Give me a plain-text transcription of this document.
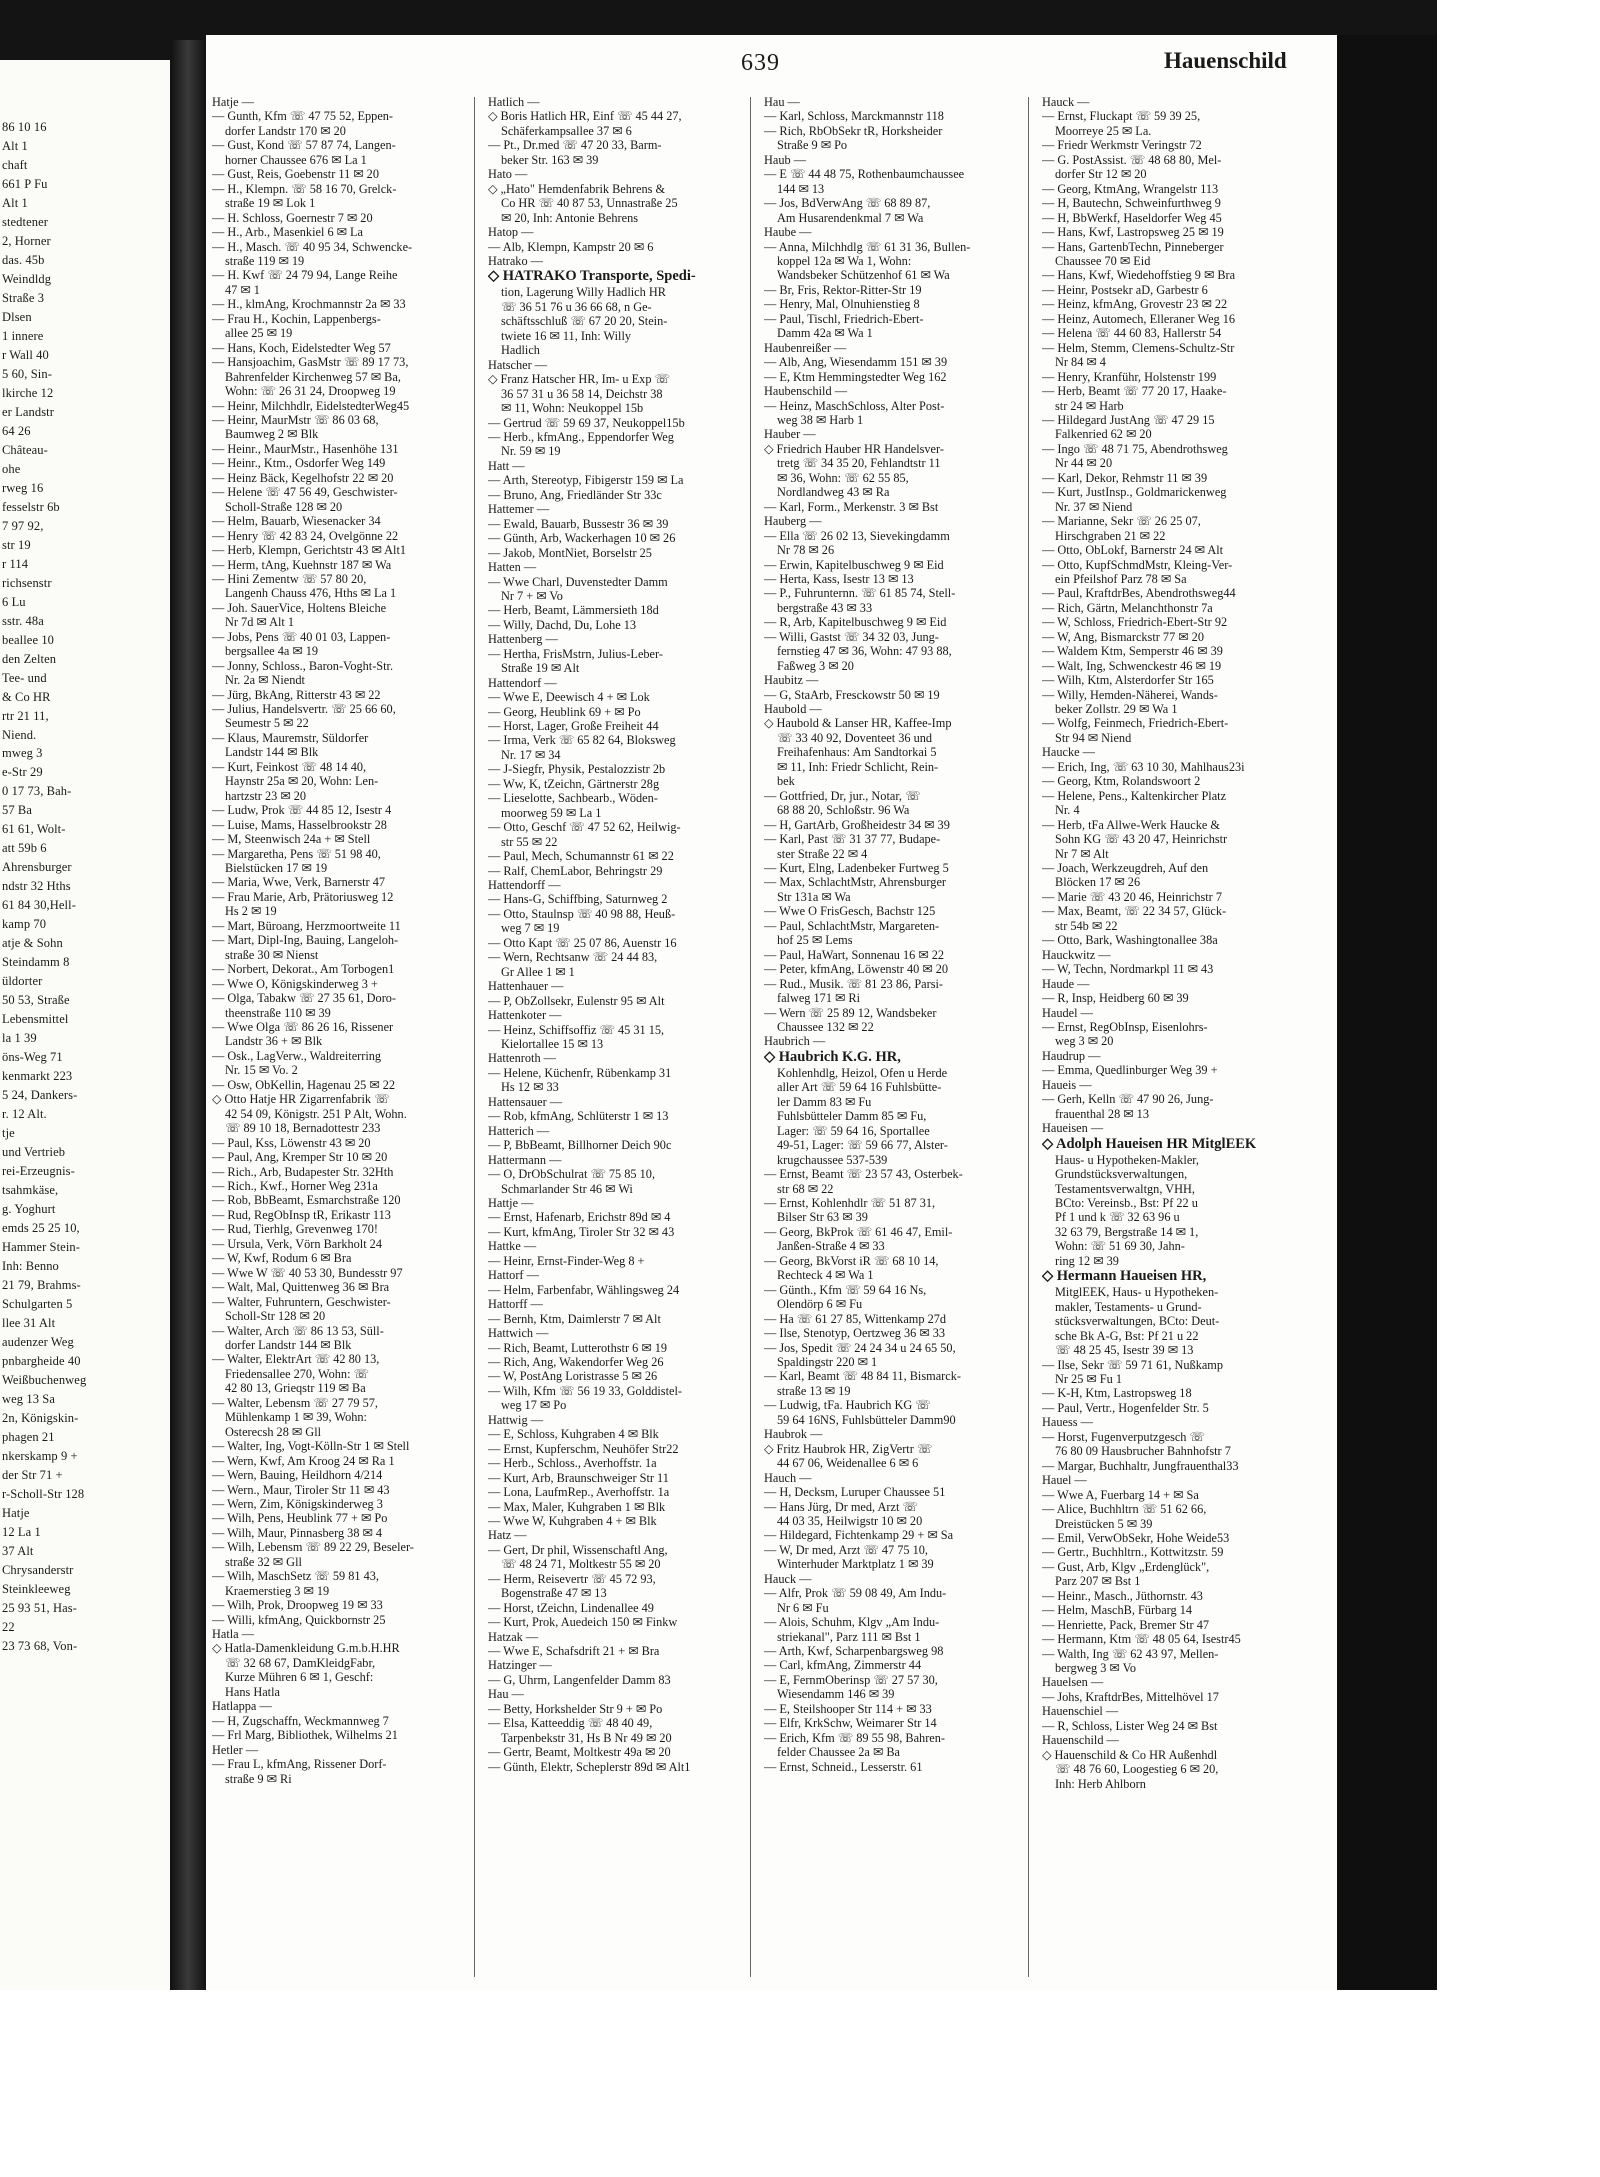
86 10 16
Alt 1
chaft
661 P Fu
Alt 1
stedtener
2, Horner
das. 45b
Weindldg
Straße 3
Dlsen
1 innere
r Wall 40
5 60, Sin-
lkirche 12
er Landstr
64 26
Château-
ohe
rweg 16
fesselstr 6b
7 97 92,
str 19
r 114
richsenstr
6 Lu
sstr. 48a
beallee 10
den Zelten
Tee- und
& Co HR
rtr 21 11,
Niend.
mweg 3
e-Str 29
0 17 73, Bah-
57 Ba
61 61, Wolt-
att 59b 6
Ahrensburger
ndstr 32 Hths
61 84 30,Hell-
kamp 70
atje & Sohn
Steindamm 8
üldorter
50 53, Straße
Lebensmittel
la 1 39
öns-Weg 71
kenmarkt 223
5 24, Dankers-
r. 12 Alt.
tje
und Vertrieb
rei-Erzeugnis-
tsahmkäse,
g. Yoghurt
emds 25 25 10,
Hammer Stein-
Inh: Benno
21 79, Brahms-
Schulgarten 5
llee 31 Alt
audenzer Weg
pnbargheide 40
Weißbuchenweg
weg 13 Sa
2n, Königskin-
phagen 21
nkerskamp 9 +
der Str 71 +
r-Scholl-Str 128
Hatje
12 La 1
37 Alt
Chrysanderstr
Steinkleeweg
25 93 51, Has-
22
23 73 68, Von-
639	Hauenschild
Hatje —
— Gunth, Kfm ☏ 47 75 52, Eppen-
dorfer Landstr 170 ✉ 20
— Gust, Kond ☏ 57 87 74, Langen-
horner Chaussee 676 ✉ La 1
— Gust, Reis, Goebenstr 11 ✉ 20
— H., Klempn. ☏ 58 16 70, Grelck-
straße 19 ✉ Lok 1
— H. Schloss, Goernestr 7 ✉ 20
— H., Arb., Masenkiel 6 ✉ La
— H., Masch. ☏ 40 95 34, Schwencke-
straße 119 ✉ 19
— H. Kwf ☏ 24 79 94, Lange Reihe
47 ✉ 1
— H., klmAng, Krochmannstr 2a ✉ 33
— Frau H., Kochin, Lappenbergs-
allee 25 ✉ 19
— Hans, Koch, Eidelstedter Weg 57
— Hansjoachim, GasMstr ☏ 89 17 73,
Bahrenfelder Kirchenweg 57 ✉ Ba,
Wohn: ☏ 26 31 24, Droopweg 19
— Heinr, Milchhdlr, EidelstedterWeg45
— Heinr, MaurMstr ☏ 86 03 68,
Baumweg 2 ✉ Blk
— Heinr., MaurMstr., Hasenhöhe 131
— Heinr., Ktm., Osdorfer Weg 149
— Heinz Bäck, Kegelhofstr 22 ✉ 20
— Helene ☏ 47 56 49, Geschwister-
Scholl-Straße 128 ✉ 20
— Helm, Bauarb, Wiesenacker 34
— Henry ☏ 42 83 24, Ovelgönne 22
— Herb, Klempn, Gerichtstr 43 ✉ Alt1
— Herm, tAng, Kuehnstr 187 ✉ Wa
— Hini Zementw ☏ 57 80 20,
Langenh Chauss 476, Hths ✉ La 1
— Joh. SauerVice, Holtens Bleiche
Nr 7d ✉ Alt 1
— Jobs, Pens ☏ 40 01 03, Lappen-
bergsallee 4a ✉ 19
— Jonny, Schloss., Baron-Voght-Str.
Nr. 2a ✉ Niendt
— Jürg, BkAng, Ritterstr 43 ✉ 22
— Julius, Handelsvertr. ☏ 25 66 60,
Seumestr 5 ✉ 22
— Klaus, Mauremstr, Süldorfer
Landstr 144 ✉ Blk
— Kurt, Feinkost ☏ 48 14 40,
Haynstr 25a ✉ 20, Wohn: Len-
hartzstr 23 ✉ 20
— Ludw, Prok ☏ 44 85 12, Isestr 4
— Luise, Mams, Hasselbrookstr 28
— M, Steenwisch 24a + ✉ Stell
— Margaretha, Pens ☏ 51 98 40,
Bielstücken 17 ✉ 19
— Maria, Wwe, Verk, Barnerstr 47
— Frau Marie, Arb, Prätoriusweg 12
Hs 2 ✉ 19
— Mart, Büroang, Herzmoortweite 11
— Mart, Dipl-Ing, Bauing, Langeloh-
straße 30 ✉ Nienst
— Norbert, Dekorat., Am Torbogen1
— Wwe O, Königskinderweg 3 +
— Olga, Tabakw ☏ 27 35 61, Doro-
theenstraße 110 ✉ 39
— Wwe Olga ☏ 86 26 16, Rissener
Landstr 36 + ✉ Blk
— Osk., LagVerw., Waldreiterring
Nr. 15 ✉ Vo. 2
— Osw, ObKellin, Hagenau 25 ✉ 22
◇ Otto Hatje HR Zigarrenfabrik ☏
42 54 09, Königstr. 251 P Alt, Wohn.
☏ 89 10 18, Bernadottestr 233
— Paul, Kss, Löwenstr 43 ✉ 20
— Paul, Ang, Kremper Str 10 ✉ 20
— Rich., Arb, Budapester Str. 32Hth
— Rich., Kwf., Horner Weg 231a
— Rob, BbBeamt, Esmarchstraße 120
— Rud, RegObInsp tR, Erikastr 113
— Rud, Tierhlg, Grevenweg 170!
— Ursula, Verk, Vörn Barkholt 24
— W, Kwf, Rodum 6 ✉ Bra
— Wwe W ☏ 40 53 30, Bundesstr 97
— Walt, Mal, Quittenweg 36 ✉ Bra
— Walter, Fuhruntern, Geschwister-
Scholl-Str 128 ✉ 20
— Walter, Arch ☏ 86 13 53, Süll-
dorfer Landstr 144 ✉ Blk
— Walter, ElektrArt ☏ 42 80 13,
Friedensallee 270, Wohn: ☏
42 80 13, Grieqstr 119 ✉ Ba
— Walter, Lebensm ☏ 27 79 57,
Mühlenkamp 1 ✉ 39, Wohn:
Osterecsh 28 ✉ Gll
— Walter, Ing, Vogt-Kölln-Str 1 ✉ Stell
— Wern, Kwf, Am Kroog 24 ✉ Ra 1
— Wern, Bauing, Heildhorn 4/214
— Wern., Maur, Tiroler Str 11 ✉ 43
— Wern, Zim, Königskinderweg 3
— Wilh, Pens, Heublink 77 + ✉ Po
— Wilh, Maur, Pinnasberg 38 ✉ 4
— Wilh, Lebensm ☏ 89 22 29, Beseler-
straße 32 ✉ Gll
— Wilh, MaschSetz ☏ 59 81 43,
Kraemerstieg 3 ✉ 19
— Wilh, Prok, Droopweg 19 ✉ 33
— Willi, kfmAng, Quickbornstr 25
Hatla —
◇ Hatla-Damenkleidung G.m.b.H.HR
☏ 32 68 67, DamKleidgFabr,
Kurze Mühren 6 ✉ 1, Geschf:
Hans Hatla
Hatlappa —
— H, Zugschaffn, Weckmannweg 7
— Frl Marg, Bibliothek, Wilhelms 21
Hetler —
— Frau L, kfmAng, Rissener Dorf-
straße 9 ✉ Ri
Hatlich —
◇ Boris Hatlich HR, Einf ☏ 45 44 27,
Schäferkampsallee 37 ✉ 6
— Pt., Dr.med ☏ 47 20 33, Barm-
beker Str. 163 ✉ 39
Hato —
◇ „Hato" Hemdenfabrik Behrens &
Co HR ☏ 40 87 53, Unnastraße 25
✉ 20, Inh: Antonie Behrens
Hatop —
— Alb, Klempn, Kampstr 20 ✉ 6
Hatrako —
◇ HATRAKO Transporte, Spedi-
tion, Lagerung Willy Hadlich HR
☏ 36 51 76 u 36 66 68, n Ge-
schäftsschluß ☏ 67 20 20, Stein-
twiete 16 ✉ 11, Inh: Willy
Hadlich
Hatscher —
◇ Franz Hatscher HR, Im- u Exp ☏
36 57 31 u 36 58 14, Deichstr 38
✉ 11, Wohn: Neukoppel 15b
— Gertrud ☏ 59 69 37, Neukoppel15b
— Herb., kfmAng., Eppendorfer Weg
Nr. 59 ✉ 19
Hatt —
— Arth, Stereotyp, Fibigerstr 159 ✉ La
— Bruno, Ang, Friedländer Str 33c
Hattemer —
— Ewald, Bauarb, Bussestr 36 ✉ 39
— Günth, Arb, Wackerhagen 10 ✉ 26
— Jakob, MontNiet, Borselstr 25
Hatten —
— Wwe Charl, Duvenstedter Damm
Nr 7 + ✉ Vo
— Herb, Beamt, Lämmersieth 18d
— Willy, Dachd, Du, Lohe 13
Hattenberg —
— Hertha, FrisMstrn, Julius-Leber-
Straße 19 ✉ Alt
Hattendorf —
— Wwe E, Deewisch 4 + ✉ Lok
— Georg, Heublink 69 + ✉ Po
— Horst, Lager, Große Freiheit 44
— Irma, Verk ☏ 65 82 64, Bloksweg
Nr. 17 ✉ 34
— J-Siegfr, Physik, Pestalozzistr 2b
— Ww, K, tZeichn, Gärtnerstr 28g
— Lieselotte, Sachbearb., Wöden-
moorweg 59 ✉ La 1
— Otto, Geschf ☏ 47 52 62, Heilwig-
str 55 ✉ 22
— Paul, Mech, Schumannstr 61 ✉ 22
— Ralf, ChemLabor, Behringstr 29
Hattendorff —
— Hans-G, Schiffbing, Saturnweg 2
— Otto, Staulnsp ☏ 40 98 88, Heuß-
weg 7 ✉ 19
— Otto Kapt ☏ 25 07 86, Auenstr 16
— Wern, Rechtsanw ☏ 24 44 83,
Gr Allee 1 ✉ 1
Hattenhauer —
— P, ObZollsekr, Eulenstr 95 ✉ Alt
Hattenkoter —
— Heinz, Schiffsoffiz ☏ 45 31 15,
Kielortallee 15 ✉ 13
Hattenroth —
— Helene, Küchenfr, Rübenkamp 31
Hs 12 ✉ 33
Hattensauer —
— Rob, kfmAng, Schlüterstr 1 ✉ 13
Hatterich —
— P, BbBeamt, Billhorner Deich 90c
Hattermann —
— O, DrObSchulrat ☏ 75 85 10,
Schmarlander Str 46 ✉ Wi
Hattje —
— Ernst, Hafenarb, Erichstr 89d ✉ 4
— Kurt, kfmAng, Tiroler Str 32 ✉ 43
Hattke —
— Heinr, Ernst-Finder-Weg 8 +
Hattorf —
— Helm, Farbenfabr, Wählingsweg 24
Hattorff —
— Bernh, Ktm, Daimlerstr 7 ✉ Alt
Hattwich —
— Rich, Beamt, Lutterothstr 6 ✉ 19
— Rich, Ang, Wakendorfer Weg 26
— W, PostAng Loristrasse 5 ✉ 26
— Wilh, Kfm ☏ 56 19 33, Golddistel-
weg 17 ✉ Po
Hattwig —
— E, Schloss, Kuhgraben 4 ✉ Blk
— Ernst, Kupferschm, Neuhöfer Str22
— Herb., Schloss., Averhoffstr. 1a
— Kurt, Arb, Braunschweiger Str 11
— Lona, LaufmRep., Averhoffstr. 1a
— Max, Maler, Kuhgraben 1 ✉ Blk
— Wwe W, Kuhgraben 4 + ✉ Blk
Hatz —
— Gert, Dr phil, Wissenschaftl Ang,
☏ 48 24 71, Moltkestr 55 ✉ 20
— Herm, Reisevertr ☏ 45 72 93,
Bogenstraße 47 ✉ 13
— Horst, tZeichn, Lindenallee 49
— Kurt, Prok, Auedeich 150 ✉ Finkw
Hatzak —
— Wwe E, Schafsdrift 21 + ✉ Bra
Hatzinger —
— G, Uhrm, Langenfelder Damm 83
Hau —
— Betty, Horkshelder Str 9 + ✉ Po
— Elsa, Katteeddig ☏ 48 40 49,
Tarpenbekstr 31, Hs B Nr 49 ✉ 20
— Gertr, Beamt, Moltkestr 49a ✉ 20
— Günth, Elektr, Scheplerstr 89d ✉ Alt1
Hau —
— Karl, Schloss, Marckmannstr 118
— Rich, RbObSekr tR, Horksheider
Straße 9 ✉ Po
Haub —
— E ☏ 44 48 75, Rothenbaumchaussee
144 ✉ 13
— Jos, BdVerwAng ☏ 68 89 87,
Am Husarendenkmal 7 ✉ Wa
Haube —
— Anna, Milchhdlg ☏ 61 31 36, Bullen-
koppel 12a ✉ Wa 1, Wohn:
Wandsbeker Schützenhof 61 ✉ Wa
— Br, Fris, Rektor-Ritter-Str 19
— Henry, Mal, Olnuhienstieg 8
— Paul, Tischl, Friedrich-Ebert-
Damm 42a ✉ Wa 1
Haubenreißer —
— Alb, Ang, Wiesendamm 151 ✉ 39
— E, Ktm Hemmingstedter Weg 162
Haubenschild —
— Heinz, MaschSchloss, Alter Post-
weg 38 ✉ Harb 1
Hauber —
◇ Friedrich Hauber HR Handelsver-
tretg ☏ 34 35 20, Fehlandtstr 11
✉ 36, Wohn: ☏ 62 55 85,
Nordlandweg 43 ✉ Ra
— Karl, Form., Merkenstr. 3 ✉ Bst
Hauberg —
— Ella ☏ 26 02 13, Sievekingdamm
Nr 78 ✉ 26
— Erwin, Kapitelbuschweg 9 ✉ Eid
— Herta, Kass, Isestr 13 ✉ 13
— P., Fuhrunternn. ☏ 61 85 74, Stell-
bergstraße 43 ✉ 33
— R, Arb, Kapitelbuschweg 9 ✉ Eid
— Willi, Gastst ☏ 34 32 03, Jung-
fernstieg 47 ✉ 36, Wohn: 47 93 88,
Faßweg 3 ✉ 20
Haubitz —
— G, StaArb, Fresckowstr 50 ✉ 19
Haubold —
◇ Haubold & Lanser HR, Kaffee-Imp
☏ 33 40 92, Doventeet 36 und
Freihafenhaus: Am Sandtorkai 5
✉ 11, Inh: Friedr Schlicht, Rein-
bek
— Gottfried, Dr, jur., Notar, ☏
68 88 20, Schloßstr. 96 Wa
— H, GartArb, Großheidestr 34 ✉ 39
— Karl, Past ☏ 31 37 77, Budape-
ster Straße 22 ✉ 4
— Kurt, Elng, Ladenbeker Furtweg 5
— Max, SchlachtMstr, Ahrensburger
Str 131a ✉ Wa
— Wwe O FrisGesch, Bachstr 125
— Paul, SchlachtMstr, Margareten-
hof 25 ✉ Lems
— Paul, HaWart, Sonnenau 16 ✉ 22
— Peter, kfmAng, Löwenstr 40 ✉ 20
— Rud., Musik. ☏ 81 23 86, Parsi-
falweg 171 ✉ Ri
— Wern ☏ 25 89 12, Wandsbeker
Chaussee 132 ✉ 22
Haubrich —
◇ Haubrich K.G. HR,
Kohlenhdlg, Heizol, Ofen u Herde
aller Art ☏ 59 64 16 Fuhlsbütte-
ler Damm 83 ✉ Fu
Fuhlsbütteler Damm 85 ✉ Fu,
Lager: ☏ 59 64 16, Sportallee
49-51, Lager: ☏ 59 66 77, Alster-
krugchaussee 537-539
— Ernst, Beamt ☏ 23 57 43, Osterbek-
str 68 ✉ 22
— Ernst, Kohlenhdlr ☏ 51 87 31,
Bilser Str 63 ✉ 39
— Georg, BkProk ☏ 61 46 47, Emil-
Janßen-Straße 4 ✉ 33
— Georg, BkVorst iR ☏ 68 10 14,
Rechteck 4 ✉ Wa 1
— Günth., Kfm ☏ 59 64 16 Ns,
Olendörp 6 ✉ Fu
— Ha ☏ 61 27 85, Wittenkamp 27d
— Ilse, Stenotyp, Oertzweg 36 ✉ 33
— Jos, Spedit ☏ 24 24 34 u 24 65 50,
Spaldingstr 220 ✉ 1
— Karl, Beamt ☏ 48 84 11, Bismarck-
straße 13 ✉ 19
— Ludwig, tFa. Haubrich KG ☏
59 64 16NS, Fuhlsbütteler Damm90
Haubrok —
◇ Fritz Haubrok HR, ZigVertr ☏
44 67 06, Weidenallee 6 ✉ 6
Hauch —
— H, Decksm, Luruper Chaussee 51
— Hans Jürg, Dr med, Arzt ☏
44 03 35, Heilwigstr 10 ✉ 20
— Hildegard, Fichtenkamp 29 + ✉ Sa
— W, Dr med, Arzt ☏ 47 75 10,
Winterhuder Marktplatz 1 ✉ 39
Hauck —
— Alfr, Prok ☏ 59 08 49, Am Indu-
Nr 6 ✉ Fu
— Alois, Schuhm, Klgv „Am Indu-
striekanal", Parz 111 ✉ Bst 1
— Arth, Kwf, Scharpenbargsweg 98
— Carl, kfmAng, Zimmerstr 44
— E, FernmOberinsp ☏ 27 57 30,
Wiesendamm 146 ✉ 39
— E, Steilshooper Str 114 + ✉ 33
— Elfr, KrkSchw, Weimarer Str 14
— Erich, Kfm ☏ 89 55 98, Bahren-
felder Chaussee 2a ✉ Ba
— Ernst, Schneid., Lesserstr. 61
Hauck —
— Ernst, Fluckapt ☏ 59 39 25,
Moorreye 25 ✉ La.
— Friedr Werkmstr Veringstr 72
— G. PostAssist. ☏ 48 68 80, Mel-
dorfer Str 12 ✉ 20
— Georg, KtmAng, Wrangelstr 113
— H, Bautechn, Schweinfurthweg 9
— H, BbWerkf, Haseldorfer Weg 45
— Hans, Kwf, Lastropsweg 25 ✉ 19
— Hans, GartenbTechn, Pinneberger
Chaussee 70 ✉ Eid
— Hans, Kwf, Wiedehoffstieg 9 ✉ Bra
— Heinr, Postsekr aD, Garbestr 6
— Heinz, kfmAng, Grovestr 23 ✉ 22
— Heinz, Automech, Elleraner Weg 16
— Helena ☏ 44 60 83, Hallerstr 54
— Helm, Stemm, Clemens-Schultz-Str
Nr 84 ✉ 4
— Henry, Kranführ, Holstenstr 199
— Herb, Beamt ☏ 77 20 17, Haake-
str 24 ✉ Harb
— Hildegard JustAng ☏ 47 29 15
Falkenried 62 ✉ 20
— Ingo ☏ 48 71 75, Abendrothsweg
Nr 44 ✉ 20
— Karl, Dekor, Rehmstr 11 ✉ 39
— Kurt, JustInsp., Goldmarickenweg
Nr. 37 ✉ Niend
— Marianne, Sekr ☏ 26 25 07,
Hirschgraben 21 ✉ 22
— Otto, ObLokf, Barnerstr 24 ✉ Alt
— Otto, KupfSchmdMstr, Kleing-Ver-
ein Pfeilshof Parz 78 ✉ Sa
— Paul, KraftdrBes, Abendrothsweg44
— Rich, Gärtn, Melanchthonstr 7a
— W, Schloss, Friedrich-Ebert-Str 92
— W, Ang, Bismarckstr 77 ✉ 20
— Waldem Ktm, Semperstr 46 ✉ 39
— Walt, Ing, Schwenckestr 46 ✉ 19
— Wilh, Ktm, Alsterdorfer Str 165
— Willy, Hemden-Näherei, Wands-
beker Zollstr. 29 ✉ Wa 1
— Wolfg, Feinmech, Friedrich-Ebert-
Str 94 ✉ Niend
Haucke —
— Erich, Ing, ☏ 63 10 30, Mahlhaus23i
— Georg, Ktm, Rolandswoort 2
— Helene, Pens., Kaltenkircher Platz
Nr. 4
— Herb, tFa Allwe-Werk Haucke &
Sohn KG ☏ 43 20 47, Heinrichstr
Nr 7 ✉ Alt
— Joach, Werkzeugdreh, Auf den
Blöcken 17 ✉ 26
— Marie ☏ 43 20 46, Heinrichstr 7
— Max, Beamt, ☏ 22 34 57, Glück-
str 54b ✉ 22
— Otto, Bark, Washingtonallee 38a
Hauckwitz —
— W, Techn, Nordmarkpl 11 ✉ 43
Haude —
— R, Insp, Heidberg 60 ✉ 39
Haudel —
— Ernst, RegObInsp, Eisenlohrs-
weg 3 ✉ 20
Haudrup —
— Emma, Quedlinburger Weg 39 +
Haueis —
— Gerh, Kelln ☏ 47 90 26, Jung-
frauenthal 28 ✉ 13
Haueisen —
◇ Adolph Haueisen HR MitglEEK
Haus- u Hypotheken-Makler,
Grundstücksverwaltungen,
Testamentsverwaltgn, VHH,
BCto: Vereinsb., Bst: Pf 22 u
Pf 1 und k ☏ 32 63 96 u
32 63 79, Bergstraße 14 ✉ 1,
Wohn: ☏ 51 69 30, Jahn-
ring 12 ✉ 39
◇ Hermann Haueisen HR,
MitglEEK, Haus- u Hypotheken-
makler, Testaments- u Grund-
stücksverwaltungen, BCto: Deut-
sche Bk A-G, Bst: Pf 21 u 22
☏ 48 25 45, Isestr 39 ✉ 13
— Ilse, Sekr ☏ 59 71 61, Nußkamp
Nr 25 ✉ Fu 1
— K-H, Ktm, Lastropsweg 18
— Paul, Vertr., Hogenfelder Str. 5
Hauess —
— Horst, Fugenverputzgesch ☏
76 80 09 Hausbrucher Bahnhofstr 7
— Margar, Buchhaltr, Jungfrauenthal33
Hauel —
— Wwe A, Fuerbarg 14 + ✉ Sa
— Alice, Buchhltrn ☏ 51 62 66,
Dreistücken 5 ✉ 39
— Emil, VerwObSekr, Hohe Weide53
— Gertr., Buchhltrn., Kottwitzstr. 59
— Gust, Arb, Klgv „Erdenglück",
Parz 207 ✉ Bst 1
— Heinr., Masch., Jüthornstr. 43
— Helm, MaschB, Fürbarg 14
— Henriette, Pack, Bremer Str 47
— Hermann, Ktm ☏ 48 05 64, Isestr45
— Walth, Ing ☏ 62 43 97, Mellen-
bergweg 3 ✉ Vo
Hauelsen —
— Johs, KraftdrBes, Mittelhövel 17
Hauenschiel —
— R, Schloss, Lister Weg 24 ✉ Bst
Hauenschild —
◇ Hauenschild & Co HR Außenhdl
☏ 48 76 60, Loogestieg 6 ✉ 20,
Inh: Herb Ahlborn
